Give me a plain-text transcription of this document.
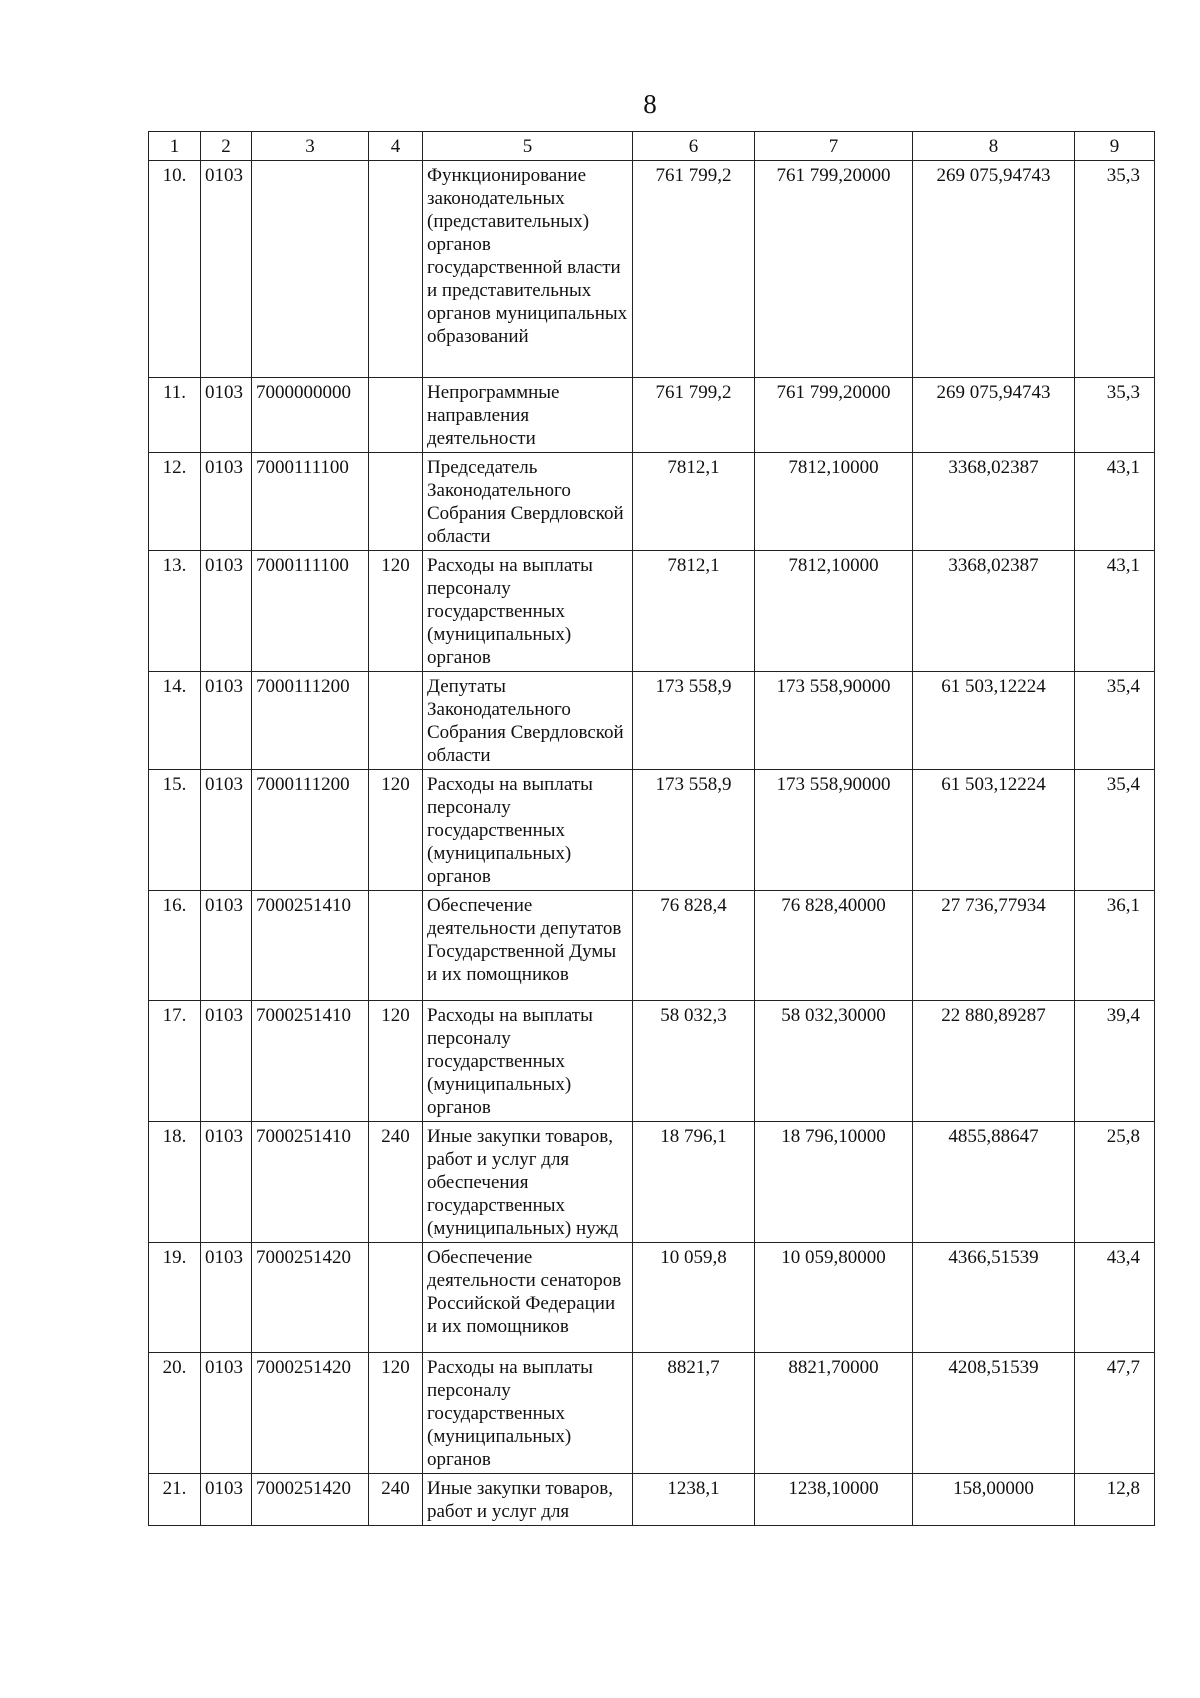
8
1	2	3	4	5	6	7	8	9
10.	0103			Функционирование законодательных (представительных) органов государственной власти и представительных органов муниципальных образований	761 799,2	761 799,20000	269 075,94743	35,3
11.	0103	7000000000		Непрограммные направления деятельности	761 799,2	761 799,20000	269 075,94743	35,3
12.	0103	7000111100		Председатель Законодательного Собрания Свердловской области	7812,1	7812,10000	3368,02387	43,1
13.	0103	7000111100	120	Расходы на выплаты персоналу государственных (муниципальных) органов	7812,1	7812,10000	3368,02387	43,1
14.	0103	7000111200		Депутаты Законодательного Собрания Свердловской области	173 558,9	173 558,90000	61 503,12224	35,4
15.	0103	7000111200	120	Расходы на выплаты персоналу государственных (муниципальных) органов	173 558,9	173 558,90000	61 503,12224	35,4
16.	0103	7000251410		Обеспечение деятельности депутатов Государственной Думы и их помощников	76 828,4	76 828,40000	27 736,77934	36,1
17.	0103	7000251410	120	Расходы на выплаты персоналу государственных (муниципальных) органов	58 032,3	58 032,30000	22 880,89287	39,4
18.	0103	7000251410	240	Иные закупки товаров, работ и услуг для обеспечения государственных (муниципальных) нужд	18 796,1	18 796,10000	4855,88647	25,8
19.	0103	7000251420		Обеспечение деятельности сенаторов Российской Федерации и их помощников	10 059,8	10 059,80000	4366,51539	43,4
20.	0103	7000251420	120	Расходы на выплаты персоналу государственных (муниципальных) органов	8821,7	8821,70000	4208,51539	47,7
21.	0103	7000251420	240	Иные закупки товаров, работ и услуг для	1238,1	1238,10000	158,00000	12,8
